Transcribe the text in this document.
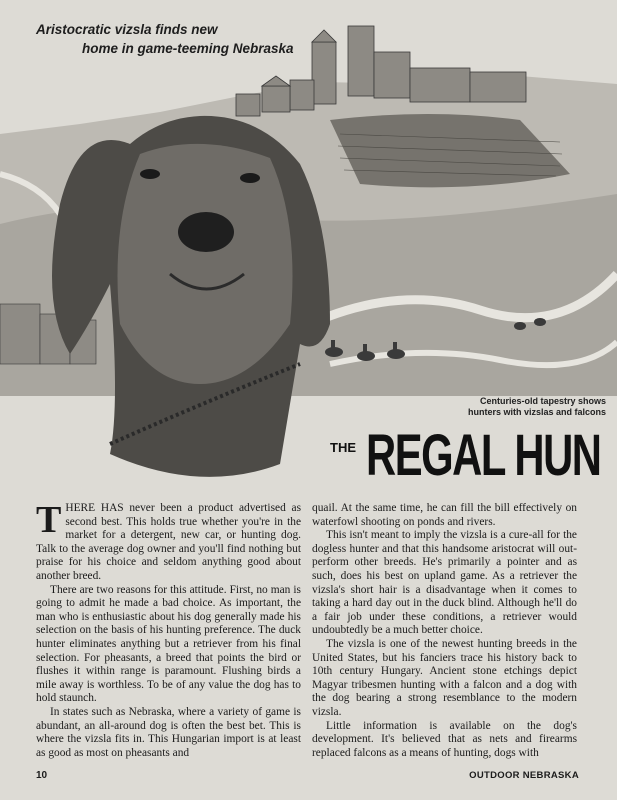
Aristocratic vizsla finds new
home in game-teeming Nebraska
Centuries-old tapestry shows
hunters with vizslas and falcons
THE REGAL HUN

THERE HAS never been a product advertised as second best. This holds true whether you're in the market for a detergent, new car, or hunting dog. Talk to the average dog owner and you'll find nothing but praise for his choice and seldom anything good about another breed.

There are two reasons for this attitude. First, no man is going to admit he made a bad choice. As important, the man who is enthusiastic about his dog generally made his selection on the basis of his hunting preference. The duck hunter eliminates anything but a retriever from his final selection. For pheasants, a breed that points the bird or flushes it within range is paramount. Flushing birds a mile away is worthless. To be of any value the dog has to hold staunch.

In states such as Nebraska, where a variety of game is abundant, an all-around dog is often the best bet. This is where the vizsla fits in. This Hungarian import is at least as good as most on pheasants and

quail. At the same time, he can fill the bill effectively on waterfowl shooting on ponds and rivers.

This isn't meant to imply the vizsla is a cure-all for the dogless hunter and that this handsome aristocrat will out-perform other breeds. He's primarily a pointer and as such, does his best on upland game. As a retriever the vizsla's short hair is a disadvantage when it comes to taking a hard day out in the duck blind. Although he'll do a fair job under these conditions, a retriever would undoubtedly be a much better choice.

The vizsla is one of the newest hunting breeds in the United States, but his fanciers trace his history back to 10th century Hungary. Ancient stone etchings depict Magyar tribesmen hunting with a falcon and a dog with the dog bearing a strong resemblance to the modern vizsla.

Little information is available on the dog's development. It's believed that as nets and firearms replaced falcons as a means of hunting, dogs with

10	OUTDOOR NEBRASKA
